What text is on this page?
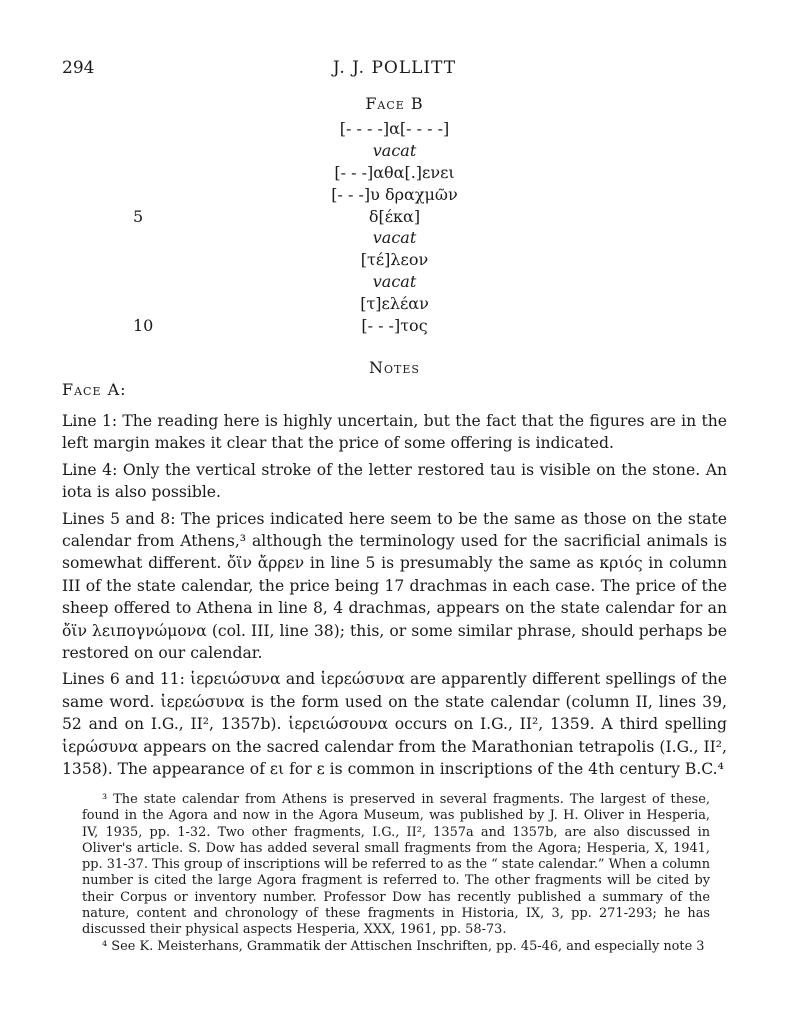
294	J. J. POLLITT
Face B
[- - - -]α[- - - -]
vacat
[- - -]αθα[.]ενει
[- - -]υ δραχμῶν
5	δ[έκα]
vacat
[τέ]λεον
vacat
[τ]ελέαν
10	[- - -]τος
Notes
Face A:

Line 1: The reading here is highly uncertain, but the fact that the figures are in the left margin makes it clear that the price of some offering is indicated.

Line 4: Only the vertical stroke of the letter restored tau is visible on the stone. An iota is also possible.

Lines 5 and 8: The prices indicated here seem to be the same as those on the state calendar from Athens,³ although the terminology used for the sacrificial animals is somewhat different. ὄϊν ἄρρεν in line 5 is presumably the same as κριός in column III of the state calendar, the price being 17 drachmas in each case. The price of the sheep offered to Athena in line 8, 4 drachmas, appears on the state calendar for an ὄϊν λειπογνώμονα (col. III, line 38); this, or some similar phrase, should perhaps be restored on our calendar.

Lines 6 and 11: ἱερειώσυνα and ἱερεώσυνα are apparently different spellings of the same word. ἱερεώσυνα is the form used on the state calendar (column II, lines 39, 52 and on I.G., II², 1357b). ἱερειώσουνα occurs on I.G., II², 1359. A third spelling ἱερώσυνα appears on the sacred calendar from the Marathonian tetrapolis (I.G., II², 1358). The appearance of ει for ε is common in inscriptions of the 4th century B.C.⁴

³ The state calendar from Athens is preserved in several fragments. The largest of these, found in the Agora and now in the Agora Museum, was published by J. H. Oliver in Hesperia, IV, 1935, pp. 1-32. Two other fragments, I.G., II², 1357a and 1357b, are also discussed in Oliver's article. S. Dow has added several small fragments from the Agora; Hesperia, X, 1941, pp. 31-37. This group of inscriptions will be referred to as the “ state calendar.” When a column number is cited the large Agora fragment is referred to. The other fragments will be cited by their Corpus or inventory number. Professor Dow has recently published a summary of the nature, content and chronology of these fragments in Historia, IX, 3, pp. 271-293; he has discussed their physical aspects Hesperia, XXX, 1961, pp. 58-73.

⁴ See K. Meisterhans, Grammatik der Attischen Inschriften, pp. 45-46, and especially note 3
